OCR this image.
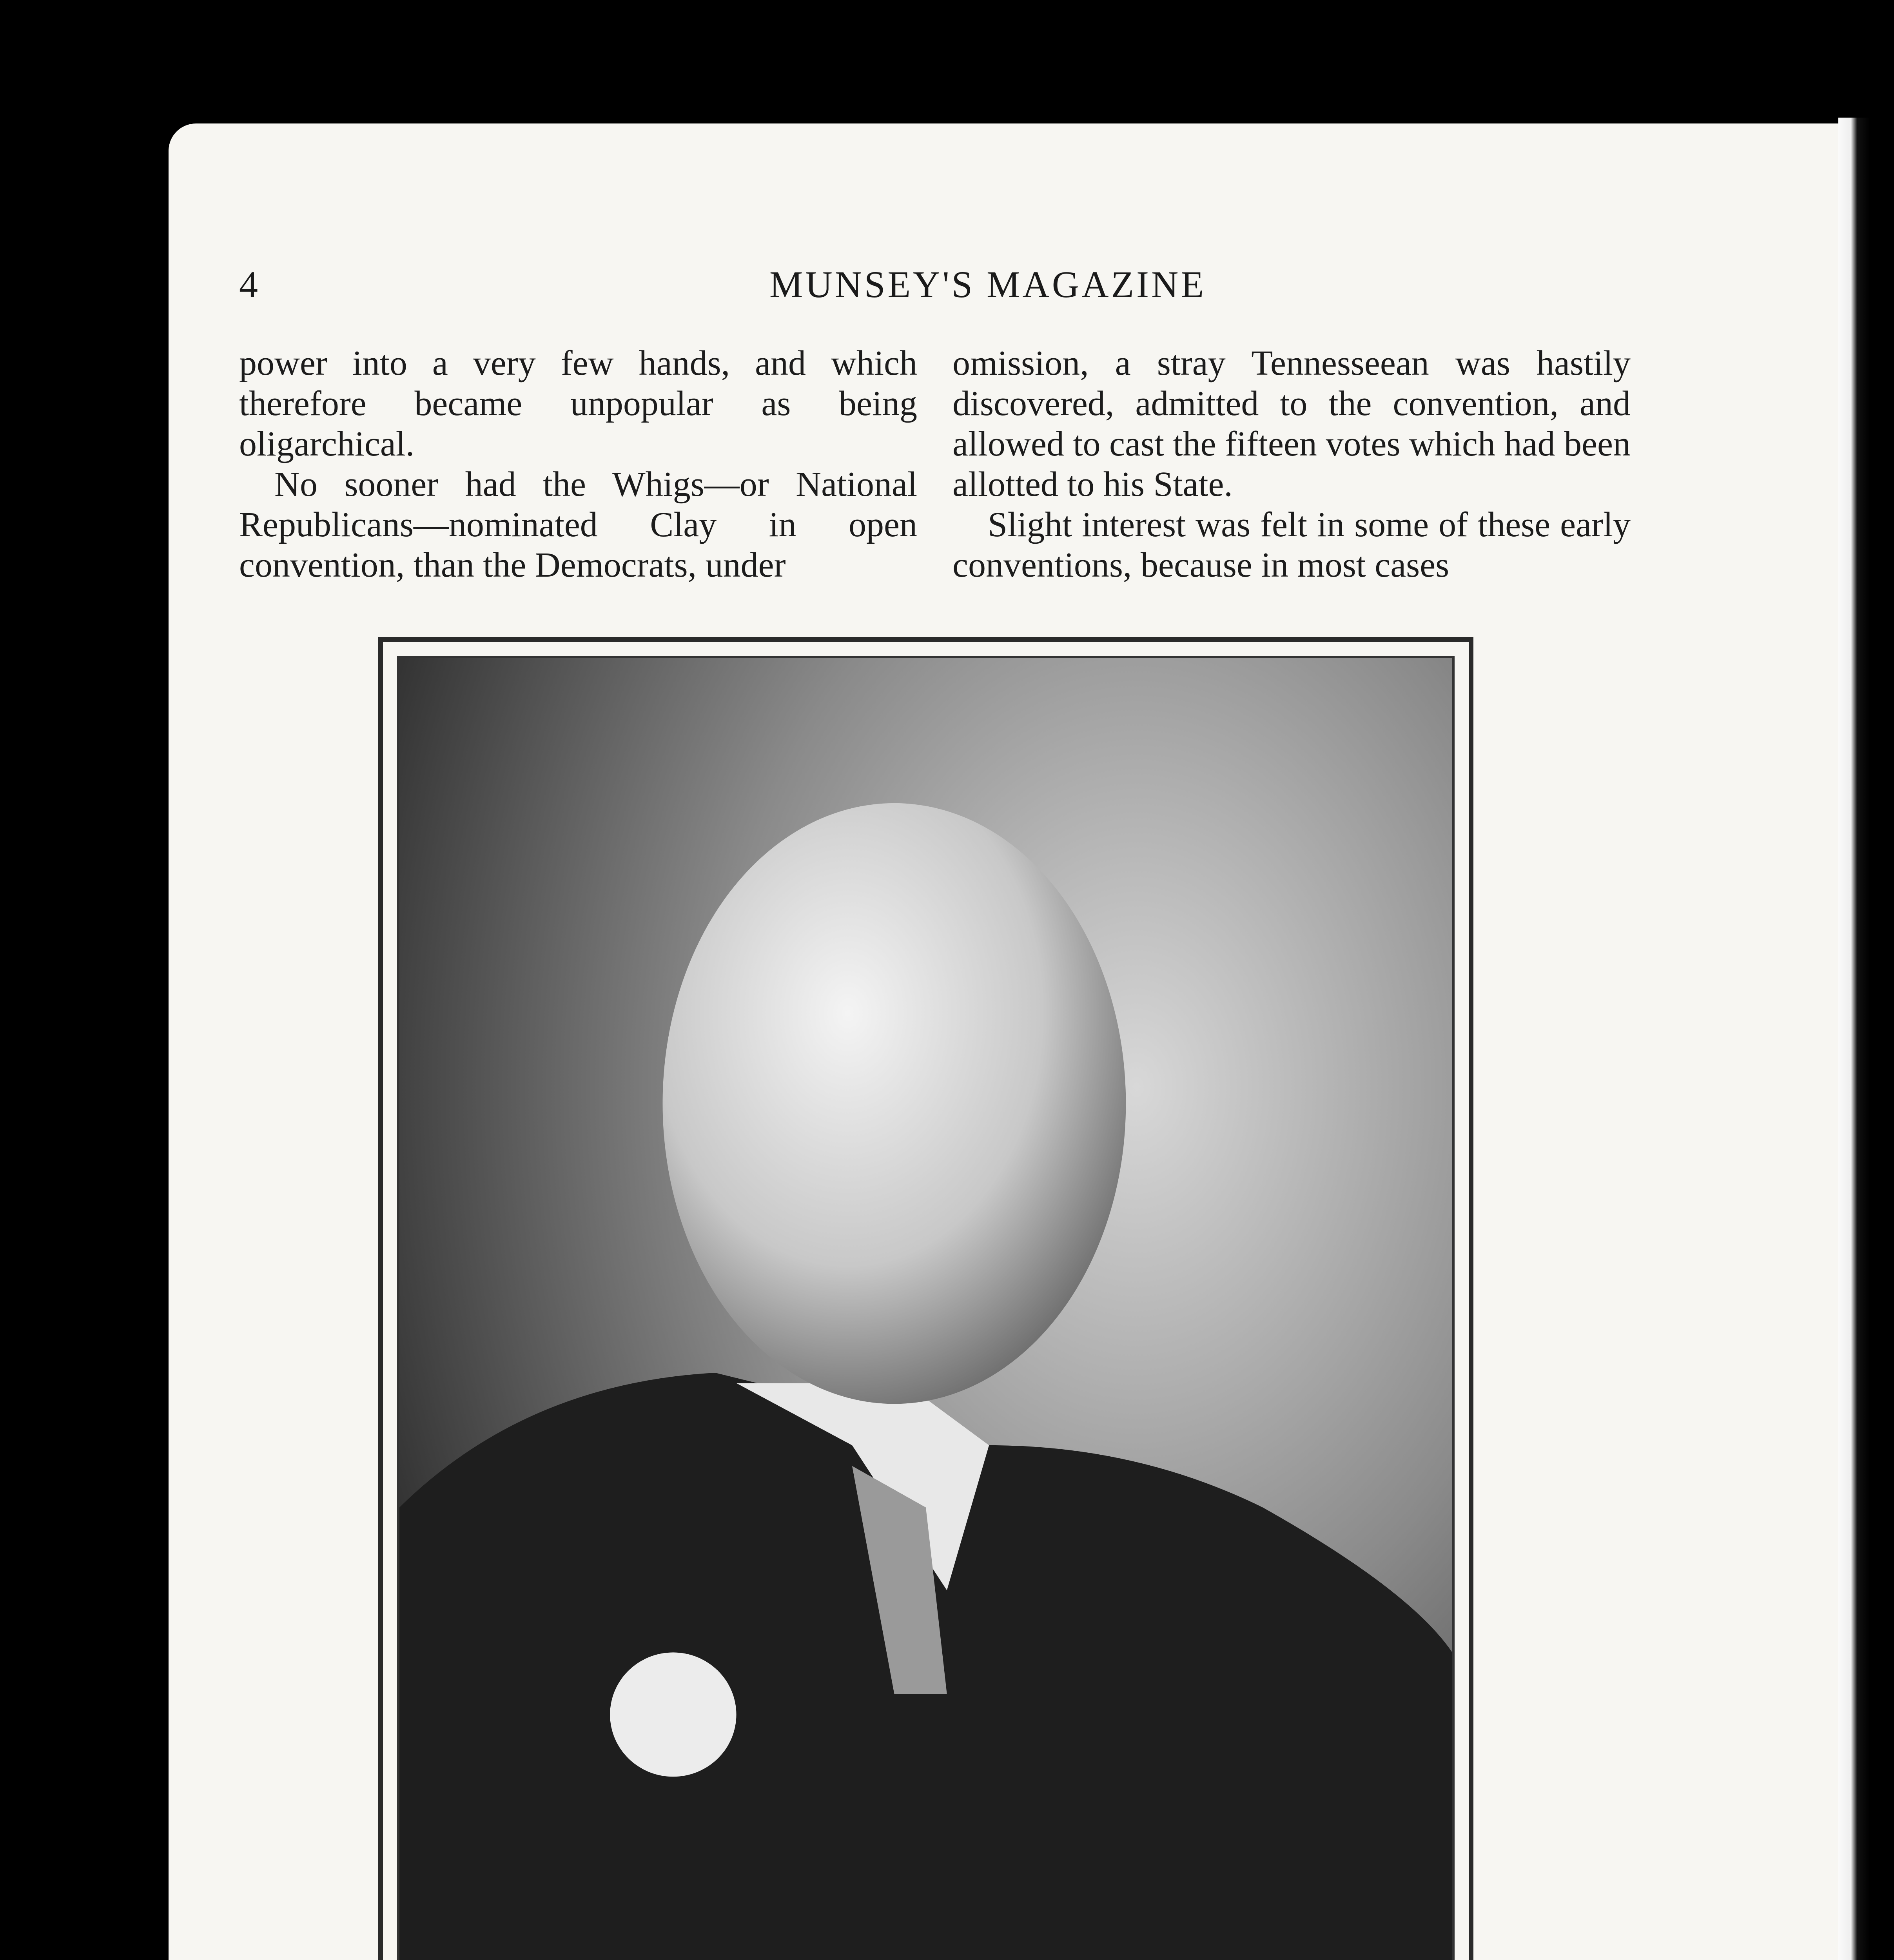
4	MUNSEY'S MAGAZINE

power into a very few hands, and which therefore became unpopular as being oligarchical.

No sooner had the Whigs—or National Republicans—nominated Clay in open convention, than the Democrats, under

omission, a stray Tennesseean was hastily discovered, admitted to the convention, and allowed to cast the fifteen votes which had been allotted to his State.

Slight interest was felt in some of these early conventions, because in most cases
